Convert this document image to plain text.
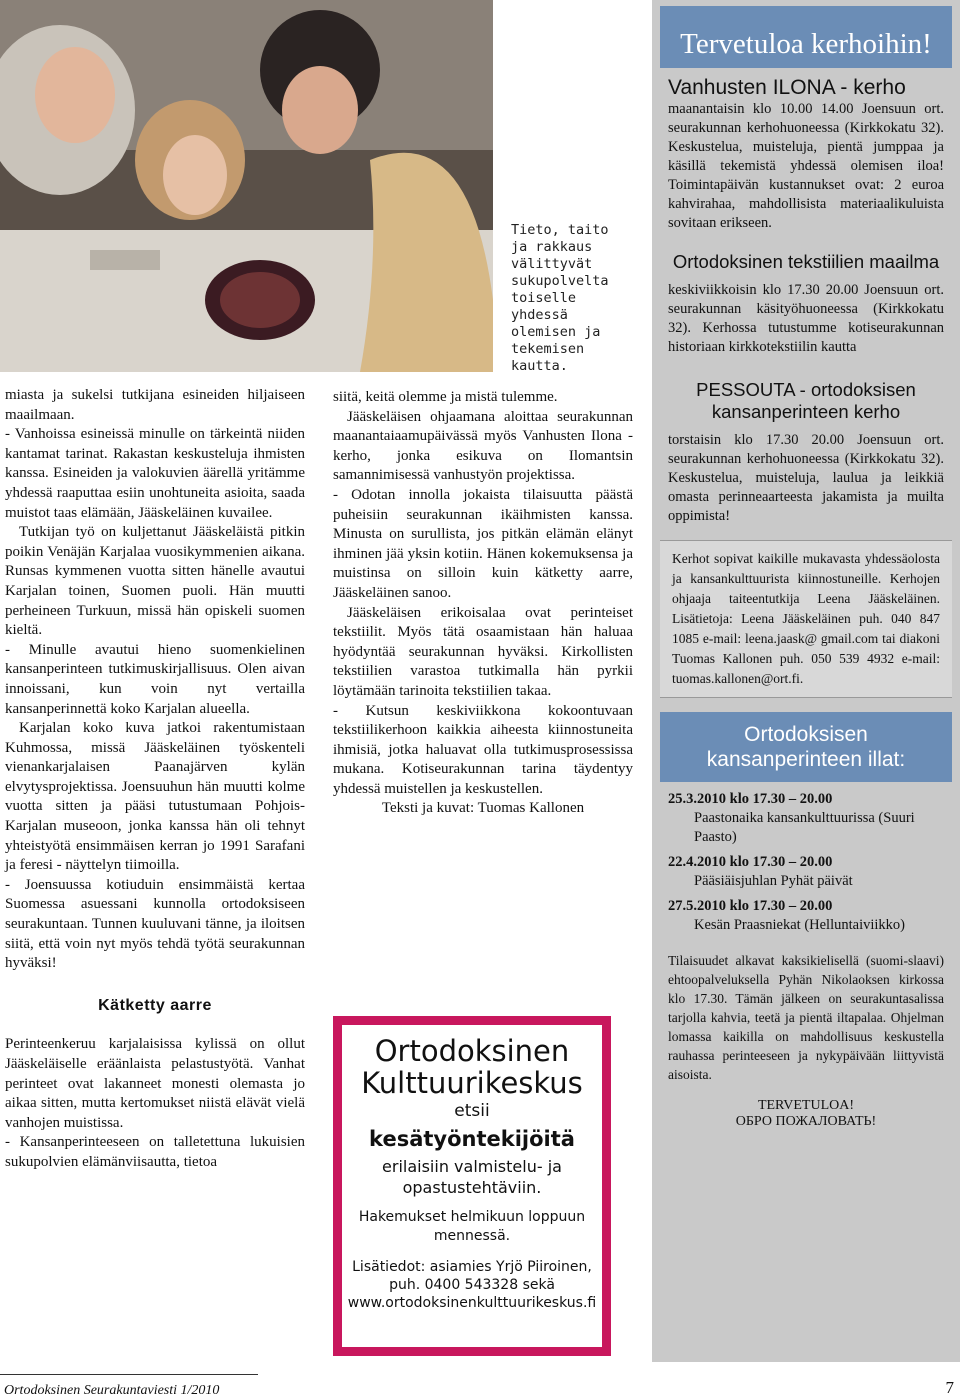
Tieto, taito ja rakkaus välittyvät sukupolvelta toiselle yhdessä olemisen ja tekemisen kautta.

miasta ja sukelsi tutkijana esineiden hiljaiseen maailmaan.

- Vanhoissa esineissä minulle on tärkeintä niiden kantamat tarinat. Rakastan keskusteluja ihmisten kanssa. Esineiden ja valokuvien äärellä yritämme yhdessä raaputtaa esiin unohtuneita asioita, saada muistot taas elämään, Jääskeläinen kuvailee.

Tutkijan työ on kuljettanut Jääskeläistä pitkin poikin Venäjän Karjalaa vuosikymmenien aikana. Runsas kymmenen vuotta sitten hänelle avautui Karjalan toinen, Suomen puoli. Hän muutti perheineen Turkuun, missä hän opiskeli suomen kieltä.

- Minulle avautui hieno suomenkielinen kansanperinteen tutkimuskirjallisuus. Olen aivan innoissani, kun voin nyt vertailla kansanperinnettä koko Karjalan alueella.

Karjalan koko kuva jatkoi rakentumistaan Kuhmossa, missä Jääskeläinen työskenteli vienankarjalaisen Paanajärven kylän elvytysprojektissa. Joensuuhun hän muutti kolme vuotta sitten ja pääsi tutustumaan Pohjois-Karjalan museoon, jonka kanssa hän oli tehnyt yhteistyötä ensimmäisen kerran jo 1991 Sarafani ja feresi - näyttelyn tiimoilla.

- Joensuussa kotiuduin ensimmäistä kertaa Suomessa asuessani kunnolla ortodoksiseen seurakuntaan. Tunnen kuuluvani tänne, ja iloitsen siitä, että voin nyt myös tehdä työtä seurakunnan hyväksi!

Kätketty aarre

Perinteenkeruu karjalaisissa kylissä on ollut Jääskeläiselle eräänlaista pelastustyötä. Vanhat perinteet ovat lakanneet monesti olemasta jo aikaa sitten, mutta kertomukset niistä elävät vielä vanhojen muistissa.

- Kansanperinteeseen on talletettuna lukuisien sukupolvien elämänviisautta, tietoa

siitä, keitä olemme ja mistä tulemme.

Jääskeläisen ohjaamana aloittaa seurakunnan maanantaiaamupäivässä myös Vanhusten Ilona -kerho, jonka esikuva on Ilomantsin samannimisessä vanhustyön projektissa.

- Odotan innolla jokaista tilaisuutta päästä puheisiin seurakunnan ikäihmisten kanssa. Minusta on surullista, jos pitkän elämän elänyt ihminen jää yksin kotiin. Hänen kokemuksensa ja muistinsa on silloin kuin kätketty aarre, Jääskeläinen sanoo.

Jääskeläisen erikoisalaa ovat perinteiset tekstiilit. Myös tätä osaamistaan hän haluaa hyödyntää seurakunnan hyväksi. Kirkollisten tekstiilien varastoa tutkimalla hän pyrkii löytämään tarinoita tekstiilien takaa.

- Kutsun keskiviikkona kokoontuvaan tekstiilikerhoon kaikkia aiheesta kiinnostuneita ihmisiä, jotka haluavat olla tutkimusprosessissa mukana. Kotiseurakunnan tarina täydentyy yhdessä muistellen ja keskustellen.

Teksti ja kuvat: Tuomas Kallonen

Ortodoksinen
Kulttuurikeskus
etsii
kesätyöntekijöitä
erilaisiin valmistelu- ja opastustehtäviin.
Hakemukset helmikuun loppuun mennessä.
Lisätiedot: asiamies Yrjö Piiroinen, puh. 0400 543328 sekä www.ortodoksinenkulttuurikeskus.fi
Tervetuloa kerhoihin!
Vanhusten ILONA - kerho
maanantaisin klo 10.00 14.00 Joensuun ort. seurakunnan kerhohuoneessa (Kirkkokatu 32). Keskustelua, muisteluja, pientä jumppaa ja käsillä tekemistä yhdessä olemisen iloa! Toimintapäivän kustannukset ovat: 2 euroa kahvirahaa, mahdollisista materiaalikuluista sovitaan erikseen.
Ortodoksinen tekstiilien maailma
keskiviikkoisin klo 17.30 20.00 Joensuun ort. seurakunnan käsityöhuoneessa (Kirkkokatu 32). Kerhossa tutustumme kotiseurakunnan historiaan kirkkotekstiilin kautta
PESSOUTA - ortodoksisen kansanperinteen kerho
torstaisin klo 17.30 20.00 Joensuun ort. seurakunnan kerhohuoneessa (Kirkkokatu 32). Keskustelua, muisteluja, laulua ja leikkiä omasta perinneaarteesta jakamista ja muilta oppimista!
Kerhot sopivat kaikille mukavasta yhdessäolosta ja kansankulttuurista kiinnostuneille. Kerhojen ohjaaja taiteentutkija Leena Jääskeläinen. Lisätietoja: Leena Jääskeläinen puh. 040 847 1085 e-mail: leena.jaask@ gmail.com tai diakoni Tuomas Kallonen puh. 050 539 4932 e-mail: tuomas.kallonen@ort.fi.
Ortodoksisen kansanperinteen illat:
25.3.2010 klo 17.30 – 20.00
Paastonaika kansankulttuurissa (Suuri Paasto)
22.4.2010 klo 17.30 – 20.00
Pääsiäisjuhlan Pyhät päivät
27.5.2010 klo 17.30 – 20.00
Kesän Praasniekat (Helluntaiviikko)
Tilaisuudet alkavat kaksikielisellä (suomi-slaavi) ehtoopalveluksella Pyhän Nikolaoksen kirkossa klo 17.30. Tämän jälkeen on seurakuntasalissa tarjolla kahvia, teetä ja pientä iltapalaa. Ohjelman lomassa kaikilla on mahdollisuus keskustella rauhassa perinteeseen ja nykypäivään liittyvistä aisoista.
TERVETULOA!
ОБРО ПОЖАЛОВАТЬ!
Ortodoksinen Seurakuntaviesti 1/2010	7
